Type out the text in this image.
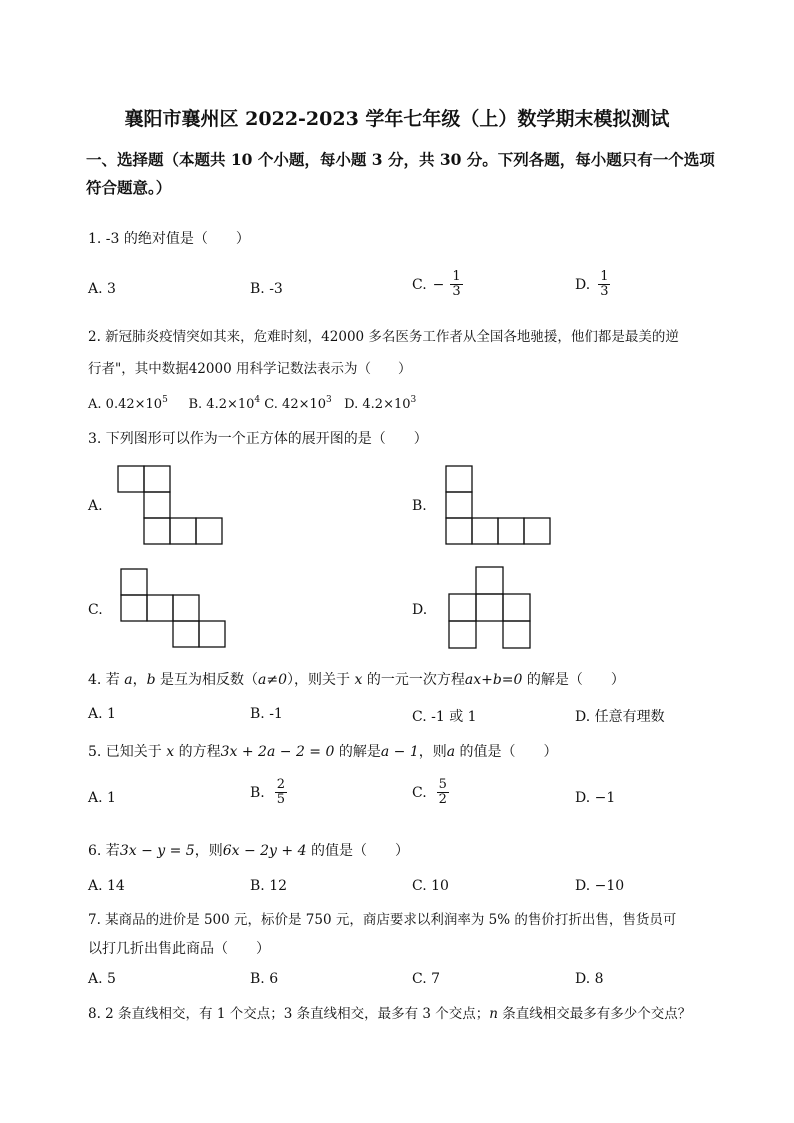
襄阳市襄州区 2022-2023 学年七年级（上）数学期末模拟测试
一、选择题（本题共 10 个小题，每小题 3 分，共 30 分。下列各题，每小题只有一个选项符合题意。）
1. -3 的绝对值是（　　）
A. 3	B. -3	C. − $\frac{1}{3}$	D. $\frac{1}{3}$
2. 新冠肺炎疫情突如其来，危难时刻，42000 多名医务工作者从全国各地驰援，他们都是最美的逆
行者"，其中数据42000 用科学记数法表示为（　　）
A. $0.42\times 10^5$ B. $4.2\times 10^4$ C. $42\times 10^3$ D. $4.2\times 10^3$
3. 下列图形可以作为一个正方体的展开图的是（　　）
A.	B.
C.	D.
4. 若 a，b 是互为相反数（a≠0），则关于 x 的一元一次方程ax+b=0 的解是（　　）
A. 1	B. -1	C. -1 或 1	D. 任意有理数
5. 已知关于 x 的方程3x + 2a − 2 = 0 的解是a − 1，则a 的值是（　　）
A. 1	B. $\frac{2}{5}$	C. $\frac{5}{2}$	D. −1
6. 若3x − y = 5，则6x − 2y + 4 的值是（　　）
A. 14	B. 12	C. 10	D. −10
7. 某商品的进价是 500 元，标价是 750 元，商店要求以利润率为 5% 的售价打折出售，售货员可
以打几折出售此商品（　　）
A. 5	B. 6	C. 7	D. 8
8. 2 条直线相交，有 1 个交点；3 条直线相交，最多有 3 个交点；n 条直线相交最多有多少个交点？
